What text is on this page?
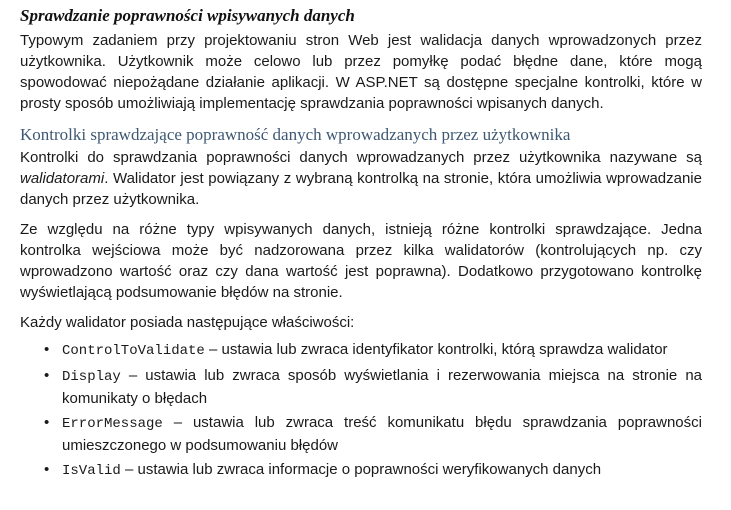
Sprawdzanie poprawności wpisywanych danych

Typowym zadaniem przy projektowaniu stron Web jest walidacja danych wprowadzonych przez użytkownika. Użytkownik może celowo lub przez pomyłkę podać błędne dane, które mogą spowodować niepożądane działanie aplikacji. W ASP.NET są dostępne specjalne kontrolki, które w prosty sposób umożliwiają implementację sprawdzania poprawności wpisanych danych.

Kontrolki sprawdzające poprawność danych wprowadzanych przez użytkownika

Kontrolki do sprawdzania poprawności danych wprowadzanych przez użytkownika nazywane są walidatorami. Walidator jest powiązany z wybraną kontrolką na stronie, która umożliwia wprowadzanie danych przez użytkownika.

Ze względu na różne typy wpisywanych danych, istnieją różne kontrolki sprawdzające. Jedna kontrolka wejściowa może być nadzorowana przez kilka walidatorów (kontrolujących np. czy wprowadzono wartość oraz czy dana wartość jest poprawna). Dodatkowo przygotowano kontrolkę wyświetlającą podsumowanie błędów na stronie.

Każdy walidator posiada następujące właściwości:

• ControlToValidate – ustawia lub zwraca identyfikator kontrolki, którą sprawdza walidator
• Display – ustawia lub zwraca sposób wyświetlania i rezerwowania miejsca na stronie na komunikaty o błędach
• ErrorMessage – ustawia lub zwraca treść komunikatu błędu sprawdzania poprawności umieszczonego w podsumowaniu błędów
• IsValid – ustawia lub zwraca informacje o poprawności weryfikowanych danych
